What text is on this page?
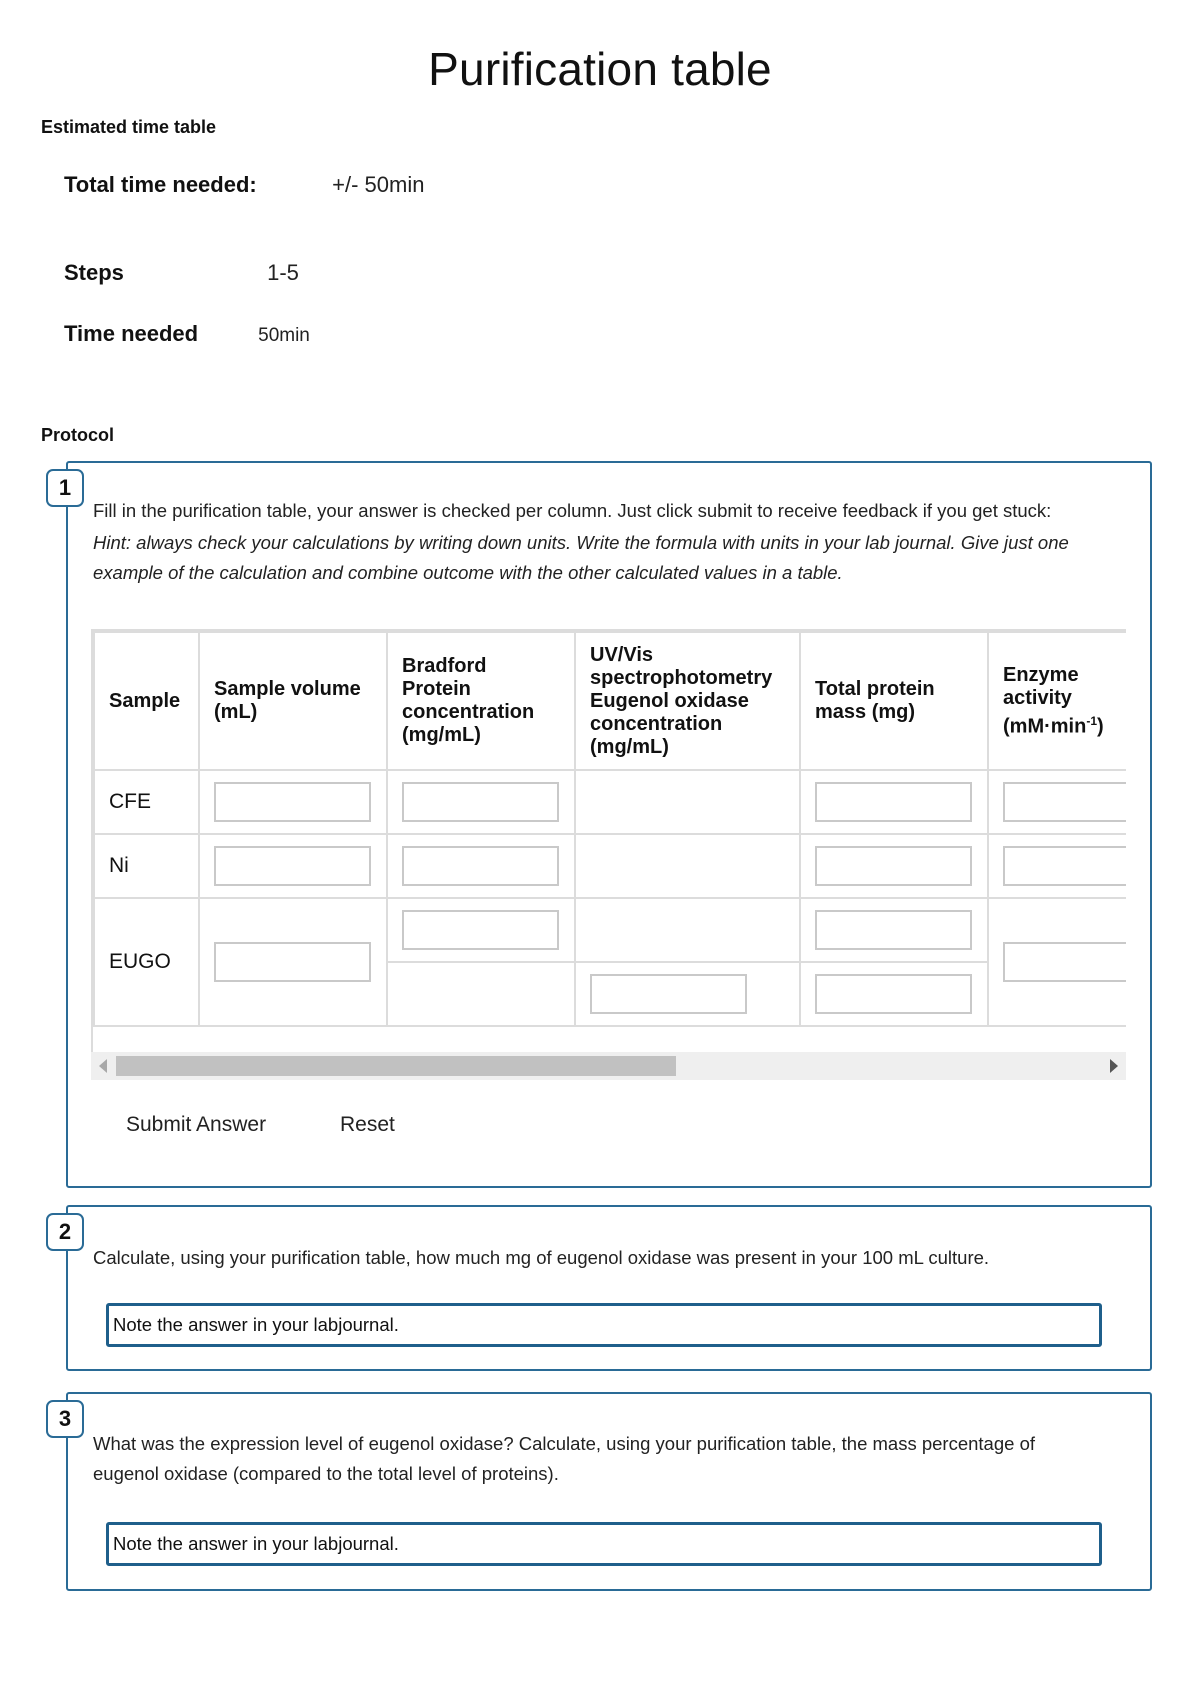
Purification table

Estimated time table

Total time needed:	+/- 50min
Steps	1-5
Time needed	50min

Protocol

1
Fill in the purification table, your answer is checked per column. Just click submit to receive feedback if you get stuck:
Hint: always check your calculations by writing down units. Write the formula with units in your lab journal. Give just one example of the calculation and combine outcome with the other calculated values in a table.
Sample	Sample volume (mL)	Bradford Protein concentration (mg/mL)	UV/Vis spectrophotometry Eugenol oxidase concentration (mg/mL)	Total protein mass (mg)	Enzyme activity $(mM\cdot\min^{-1})$
CFE	

Ni	

EUGO	

Submit Answer	Reset
2
Calculate, using your purification table, how much mg of eugenol oxidase was present in your 100 mL culture.
Note the answer in your labjournal.
3
What was the expression level of eugenol oxidase? Calculate, using your purification table, the mass percentage of eugenol oxidase (compared to the total level of proteins).
Note the answer in your labjournal.
